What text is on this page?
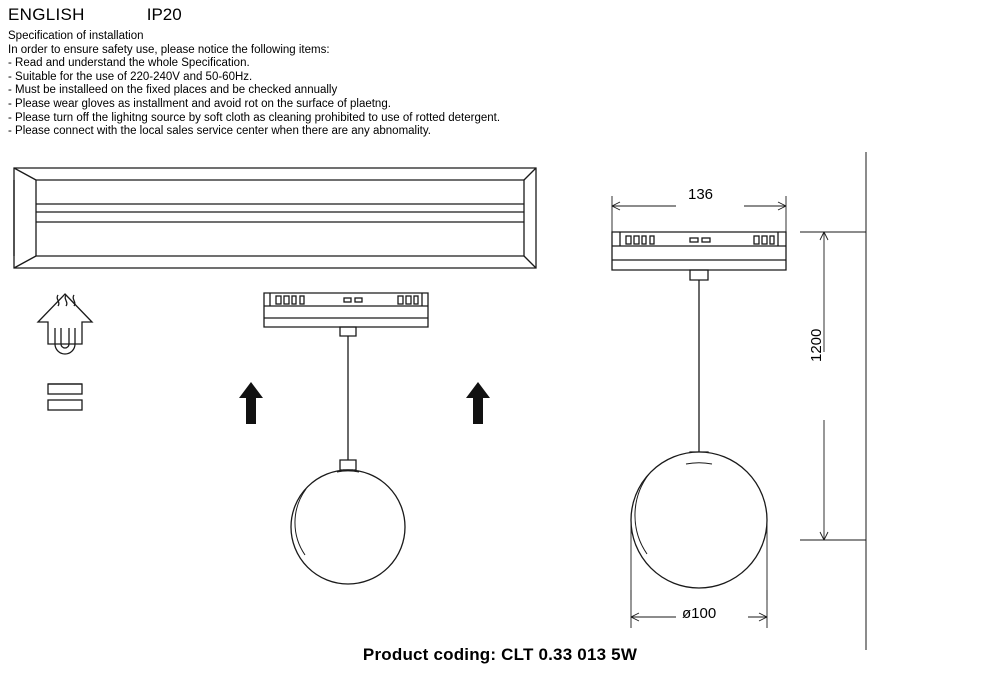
ENGLISH	IP20
Specification of installation
In order to ensure safety use, please notice the following items:
- Read and understand the whole Specification.
- Suitable for the use of 220-240V and 50-60Hz.
- Must be installeed on the fixed places and be checked annually
- Please wear gloves as installment and avoid rot on the surface of plaetng.
- Please turn off the lighitng source by soft cloth as cleaning prohibited to use of rotted detergent.
- Please connect with the local sales service center when there are any abnomality.
136
ø100
1200
Product coding: CLT 0.33 013 5W
